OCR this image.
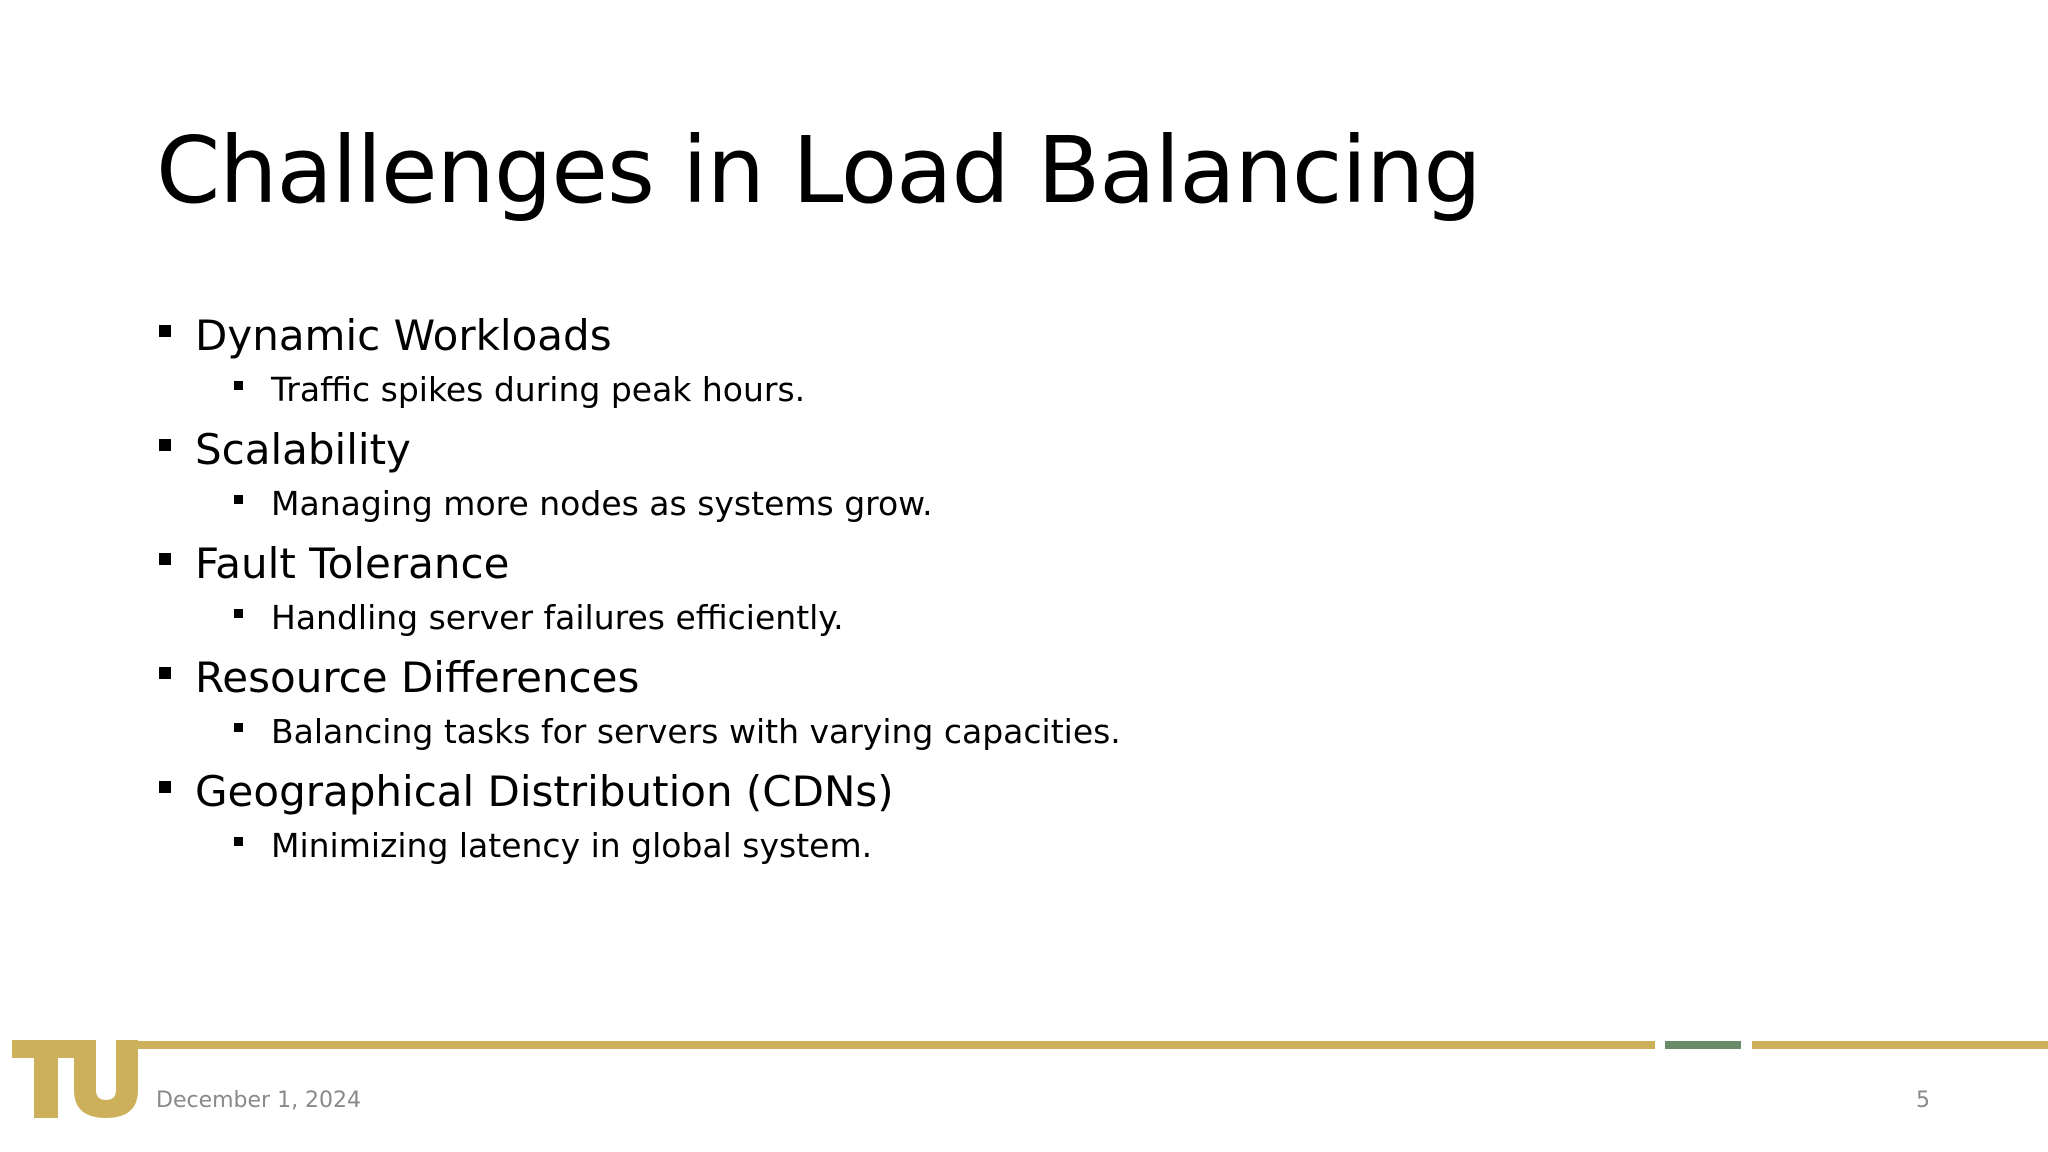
Challenges in Load Balancing
Dynamic Workloads
Traffic spikes during peak hours.
Scalability
Managing more nodes as systems grow.
Fault Tolerance
Handling server failures efficiently.
Resource Differences
Balancing tasks for servers with varying capacities.
Geographical Distribution (CDNs)
Minimizing latency in global system.
December 1, 2024	5
